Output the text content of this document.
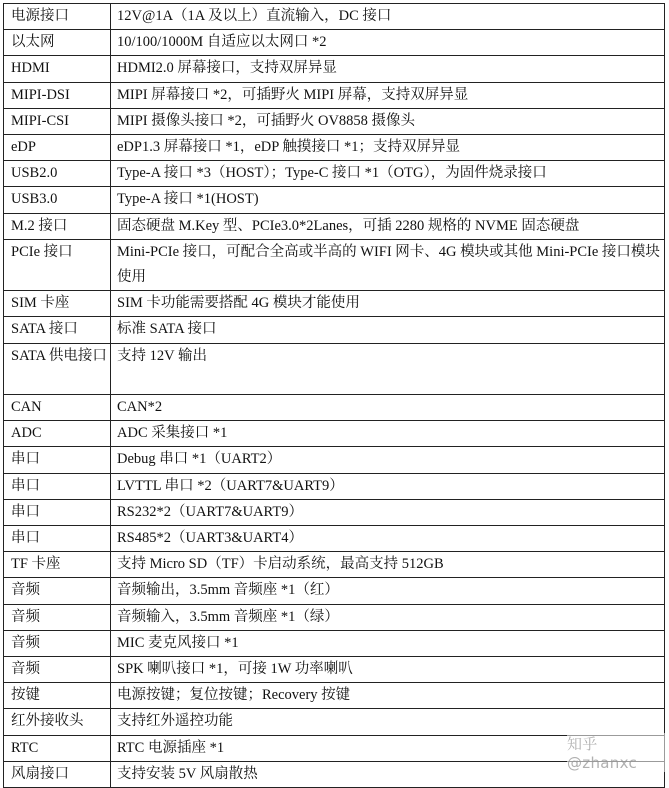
电源接口	12V@1A（1A 及以上）直流输入，DC 接口
以太网	10/100/1000M 自适应以太网口 *2
HDMI	HDMI2.0 屏幕接口，支持双屏异显
MIPI-DSI	MIPI 屏幕接口 *2，可插野火 MIPI 屏幕，支持双屏异显
MIPI-CSI	MIPI 摄像头接口 *2，可插野火 OV8858 摄像头
eDP	eDP1.3 屏幕接口 *1，eDP 触摸接口 *1；支持双屏异显
USB2.0	Type-A 接口 *3（HOST）；Type-C 接口 *1（OTG），为固件烧录接口
USB3.0	Type-A 接口 *1(HOST)
M.2 接口	固态硬盘 M.Key 型、PCIe3.0*2Lanes，可插 2280 规格的 NVME 固态硬盘
PCIe 接口	Mini-PCIe 接口，可配合全高或半高的 WIFI 网卡、4G 模块或其他 Mini-PCIe 接口模块使用
SIM 卡座	SIM 卡功能需要搭配 4G 模块才能使用
SATA 接口	标准 SATA 接口
SATA 供电接口	支持 12V 输出
CAN	CAN*2
ADC	ADC 采集接口 *1
串口	Debug 串口 *1（UART2）
串口	LVTTL 串口 *2（UART7&UART9）
串口	RS232*2（UART7&UART9）
串口	RS485*2（UART3&UART4）
TF 卡座	支持 Micro SD（TF）卡启动系统，最高支持 512GB
音频	音频输出，3.5mm 音频座 *1（红）
音频	音频输入，3.5mm 音频座 *1（绿）
音频	MIC 麦克风接口 *1
音频	SPK 喇叭接口 *1，可接 1W 功率喇叭
按键	电源按键；复位按键；Recovery 按键
红外接收头	支持红外遥控功能
RTC	RTC 电源插座 *1
风扇接口	支持安装 5V 风扇散热
知乎 @zhanxc
